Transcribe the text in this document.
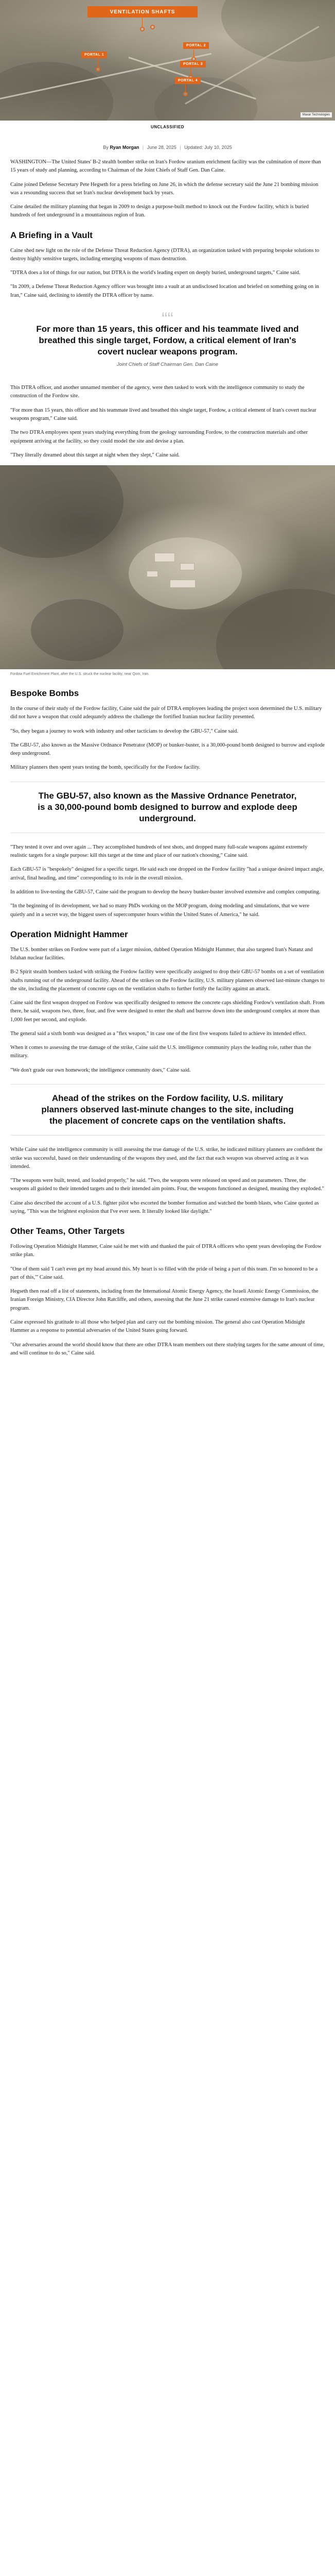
VENTILATION SHAFTS
PORTAL 1
PORTAL 2
PORTAL 3
PORTAL 4
Maxar Technologies
UNCLASSIFIED
By Ryan Morgan | June 28, 2025 | Updated: July 10, 2025

WASHINGTON—The United States' B-2 stealth bomber strike on Iran's Fordow uranium enrichment facility was the culmination of more than 15 years of study and planning, according to Chairman of the Joint Chiefs of Staff Gen. Dan Caine.

Caine joined Defense Secretary Pete Hegseth for a press briefing on June 26, in which the defense secretary said the June 21 bombing mission was a resounding success that set Iran's nuclear development back by years.

Caine detailed the military planning that began in 2009 to design a purpose-built method to knock out the Fordow facility, which is buried hundreds of feet underground in a mountainous region of Iran.

A Briefing in a Vault

Caine shed new light on the role of the Defense Threat Reduction Agency (DTRA), an organization tasked with preparing bespoke solutions to destroy highly sensitive targets, including emerging weapons of mass destruction.

"DTRA does a lot of things for our nation, but DTRA is the world's leading expert on deeply buried, underground targets," Caine said.

"In 2009, a Defense Threat Reduction Agency officer was brought into a vault at an undisclosed location and briefed on something going on in Iran," Caine said, declining to identify the DTRA officer by name.

““
For more than 15 years, this officer and his teammate lived and breathed this single target, Fordow, a critical element of Iran's covert nuclear weapons program.
Joint Chiefs of Staff Chairman Gen. Dan Caine

This DTRA officer, and another unnamed member of the agency, were then tasked to work with the intelligence community to study the construction of the Fordow site.

"For more than 15 years, this officer and his teammate lived and breathed this single target, Fordow, a critical element of Iran's covert nuclear weapons program," Caine said.

The two DTRA employees spent years studying everything from the geology surrounding Fordow, to the construction materials and other equipment arriving at the facility, so they could model the site and devise a plan.

"They literally dreamed about this target at night when they slept," Caine said.

Fordow Fuel Enrichment Plant, after the U.S. struck the nuclear facility, near Qom, Iran.
Bespoke Bombs

In the course of their study of the Fordow facility, Caine said the pair of DTRA employees leading the project soon determined the U.S. military did not have a weapon that could adequately address the challenge the fortified Iranian nuclear facility presented.

"So, they began a journey to work with industry and other tacticians to develop the GBU-57," Caine said.

The GBU-57, also known as the Massive Ordnance Penetrator (MOP) or bunker-buster, is a 30,000-pound bomb designed to burrow and explode deep underground.

Military planners then spent years testing the bomb, specifically for the Fordow facility.

The GBU-57, also known as the Massive Ordnance Penetrator, is a 30,000-pound bomb designed to burrow and explode deep underground.

"They tested it over and over again ... They accomplished hundreds of test shots, and dropped many full-scale weapons against extremely realistic targets for a single purpose: kill this target at the time and place of our nation's choosing," Caine said.

Each GBU-57 is "bespokely" designed for a specific target. He said each one dropped on the Fordow facility "had a unique desired impact angle, arrival, final heading, and time" corresponding to its role in the overall mission.

In addition to live-testing the GBU-57, Caine said the program to develop the heavy bunker-buster involved extensive and complex computing.

"In the beginning of its development, we had so many PhDs working on the MOP program, doing modeling and simulations, that we were quietly and in a secret way, the biggest users of supercomputer hours within the United States of America," he said.

Operation Midnight Hammer

The U.S. bomber strikes on Fordow were part of a larger mission, dubbed Operation Midnight Hammer, that also targeted Iran's Natanz and Isfahan nuclear facilities.

B-2 Spirit stealth bombers tasked with striking the Fordow facility were specifically assigned to drop their GBU-57 bombs on a set of ventilation shafts running out of the underground facility. Ahead of the strikes on the Fordow facility, U.S. military planners observed last-minute changes to the site, including the placement of concrete caps on the ventilation shafts to further fortify the facility against an attack.

Caine said the first weapon dropped on Fordow was specifically designed to remove the concrete caps shielding Fordow's ventilation shaft. From there, he said, weapons two, three, four, and five were designed to enter the shaft and burrow down into the underground complex at more than 1,000 feet per second, and explode.

The general said a sixth bomb was designed as a "flex weapon," in case one of the first five weapons failed to achieve its intended effect.

When it comes to assessing the true damage of the strike, Caine said the U.S. intelligence community plays the leading role, rather than the military.

"We don't grade our own homework; the intelligence community does," Caine said.

Ahead of the strikes on the Fordow facility, U.S. military planners observed last-minute changes to the site, including the placement of concrete caps on the ventilation shafts.

While Caine said the intelligence community is still assessing the true damage of the U.S. strike, he indicated military planners are confident the strike was successful, based on their understanding of the weapons they used, and the fact that each weapon was observed acting as it was intended.

"The weapons were built, tested, and loaded properly," he said. "Two, the weapons were released on speed and on parameters. Three, the weapons all guided to their intended targets and to their intended aim points. Four, the weapons functioned as designed, meaning they exploded."

Caine also described the account of a U.S. fighter pilot who escorted the bomber formation and watched the bomb blasts, who Caine quoted as saying, "This was the brightest explosion that I've ever seen. It literally looked like daylight."

Other Teams, Other Targets

Following Operation Midnight Hammer, Caine said he met with and thanked the pair of DTRA officers who spent years developing the Fordow strike plan.

"One of them said 'I can't even get my head around this. My heart is so filled with the pride of being a part of this team. I'm so honored to be a part of this,'" Caine said.

Hegseth then read off a list of statements, including from the International Atomic Energy Agency, the Israeli Atomic Energy Commission, the Iranian Foreign Ministry, CIA Director John Ratcliffe, and others, assessing that the June 21 strike caused extensive damage to Iran's nuclear program.

Caine expressed his gratitude to all those who helped plan and carry out the bombing mission. The general also cast Operation Midnight Hammer as a response to potential adversaries of the United States going forward.

"Our adversaries around the world should know that there are other DTRA team members out there studying targets for the same amount of time, and will continue to do so," Caine said.
